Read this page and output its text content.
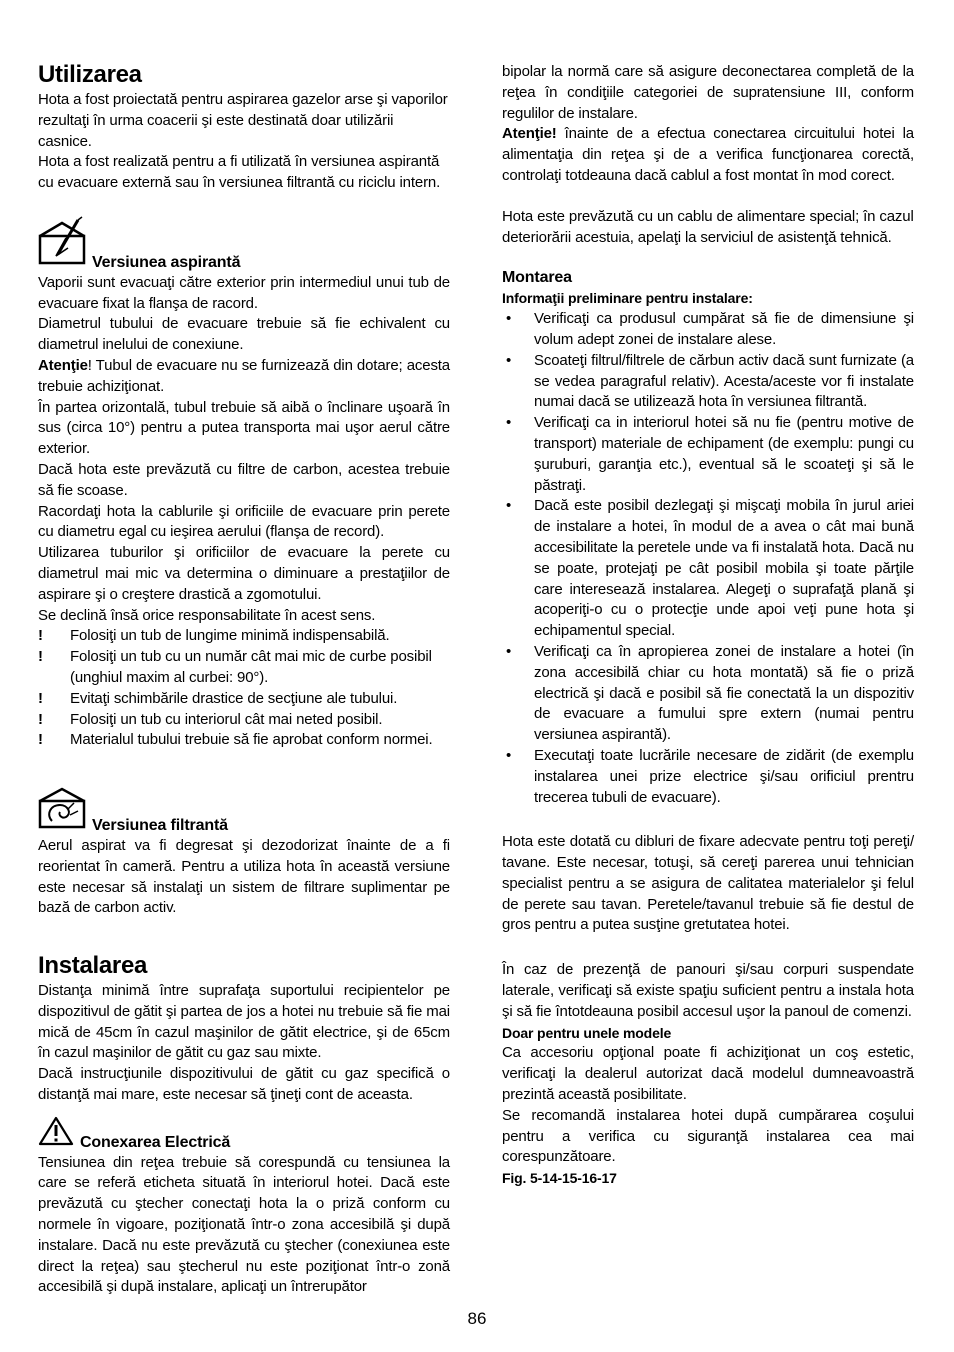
Utilizarea

Hota a fost proiectată pentru aspirarea gazelor arse şi vaporilor rezultaţi în urma coacerii şi este destinată doar utilizării casnice.

Hota a fost realizată pentru a fi utilizată în versiunea aspirantă cu evacuare externă sau în versiunea filtrantă cu riciclu intern.

Versiunea aspirantă

Vaporii sunt evacuaţi către exterior prin intermediul unui tub de evacuare fixat la flanşa de racord.

Diametrul tubului de evacuare trebuie să fie echivalent cu diametrul inelului de conexiune.

Atenţie! Tubul de evacuare nu se furnizează din dotare; acesta trebuie achiziţionat.

În partea orizontală, tubul trebuie să aibă o înclinare uşoară în sus (circa 10°) pentru a putea transporta mai uşor aerul către exterior.

Dacă hota este prevăzută cu filtre de carbon, acestea trebuie să fie scoase.

Racordaţi hota la cablurile şi orificiile de evacuare prin perete cu diametru egal cu ieşirea aerului (flanşa de record).

Utilizarea tuburilor şi orificiilor de evacuare la perete cu diametrul mai mic va determina o diminuare a prestaţiilor de aspirare şi o creştere drastică a zgomotului.

Se declină însă orice responsabilitate în acest sens.

!	Folosiţi un tub de lungime minimă indispensabilă.
!	Folosiţi un tub cu un număr cât mai mic de curbe posibil (unghiul maxim al curbei: 90°).
!	Evitaţi schimbările drastice de secţiune ale tubului.
!	Folosiţi un tub cu interiorul cât mai neted posibil.
!	Materialul tubului trebuie să fie aprobat conform normei.
Versiunea filtrantă

Aerul aspirat va fi degresat şi dezodorizat înainte de a fi reorientat în cameră. Pentru a utiliza hota în această versiune este necesar să instalaţi un sistem de filtrare suplimentar pe bază de carbon activ.

Instalarea

Distanţa minimă între suprafaţa suportului recipientelor pe dispozitivul de gătit şi partea de jos a hotei nu trebuie să fie mai mică de 45cm în cazul maşinilor de gătit electrice, şi de 65cm în cazul maşinilor de gătit cu gaz sau mixte.

Dacă instrucţiunile dispozitivului de gătit cu gaz specifică o distanţă mai mare, este necesar să ţineţi cont de aceasta.

Conexarea Electrică

Tensiunea din reţea trebuie să corespundă cu tensiunea la care se referă eticheta situată în interiorul hotei. Dacă este prevăzută cu ştecher conectaţi hota la o priză conform cu normele în vigoare, poziţionată într-o zona accesibilă şi după instalare. Dacă nu este prevăzută cu ştecher (conexiunea este direct la reţea) sau ştecherul nu este poziţionat într-o zonă accesibilă şi după instalare, aplicaţi un întrerupător

bipolar la normă care să asigure deconectarea completă de la reţea în condiţiile categoriei de supratensiune III, conform regulilor de instalare.

Atenţie! înainte de a efectua conectarea circuitului hotei la alimentaţia din reţea şi de a verifica funcţionarea corectă, controlaţi totdeauna dacă cablul a fost montat în mod corect.

Hota este prevăzută cu un cablu de alimentare special; în cazul deteriorării acestuia, apelaţi la serviciul de asistenţă tehnică.

Montarea

Informaţii preliminare pentru instalare:

• Verificaţi ca produsul cumpărat să fie de dimensiune şi volum adept zonei de instalare alese.
• Scoateţi filtrul/filtrele de cărbun activ dacă sunt furnizate (a se vedea paragraful relativ). Acesta/aceste vor fi instalate numai dacă se utilizează hota în versiunea filtrantă.
• Verificaţi ca in interiorul hotei să nu fie (pentru motive de transport) materiale de echipament (de exemplu: pungi cu şuruburi, garanţia etc.), eventual să le scoateţi şi să le păstraţi.
• Dacă este posibil dezlegaţi şi mişcaţi mobila în jurul ariei de instalare a hotei, în modul de a avea o cât mai bună accesibilitate la peretele unde va fi instalată hota. Dacă nu se poate, protejaţi pe cât posibil mobila şi toate părţile care interesează instalarea. Alegeţi o suprafaţă plană şi acoperiţi-o cu o protecţie unde apoi veţi pune hota şi echipamentul special.
• Verificaţi ca în apropierea zonei de instalare a hotei (în zona accesibilă chiar cu hota montată) să fie o priză electrică şi dacă e posibil să fie conectată la un dispozitiv de evacuare a fumului spre extern (numai pentru versiunea aspirantă).
• Executaţi toate lucrările necesare de zidărit (de exemplu instalarea unei prize electrice şi/sau orificiul prentru trecerea tubuli de evacuare).

Hota este dotată cu dibluri de fixare adecvate pentru toţi pereţi/ tavane. Este necesar, totuşi, să cereţi parerea unui tehnician specialist pentru a se asigura de calitatea materialelor şi felul de perete sau tavan. Peretele/tavanul trebuie să fie destul de gros pentru a putea susţine gretutatea hotei.

În caz de prezenţă de panouri şi/sau corpuri suspendate laterale, verificaţi să existe spaţiu suficient pentru a instala hota şi să fie întotdeauna posibil accesul uşor la panoul de comenzi.

Doar pentru unele modele

Ca accesoriu opţional poate fi achiziţionat un coş estetic, verificaţi la dealerul autorizat dacă modelul dumneavoastră prezintă această posibilitate.

Se recomandă instalarea hotei după cumpărarea coşului pentru a verifica cu siguranţă instalarea cea mai corespunzătoare.

Fig. 5-14-15-16-17

86
